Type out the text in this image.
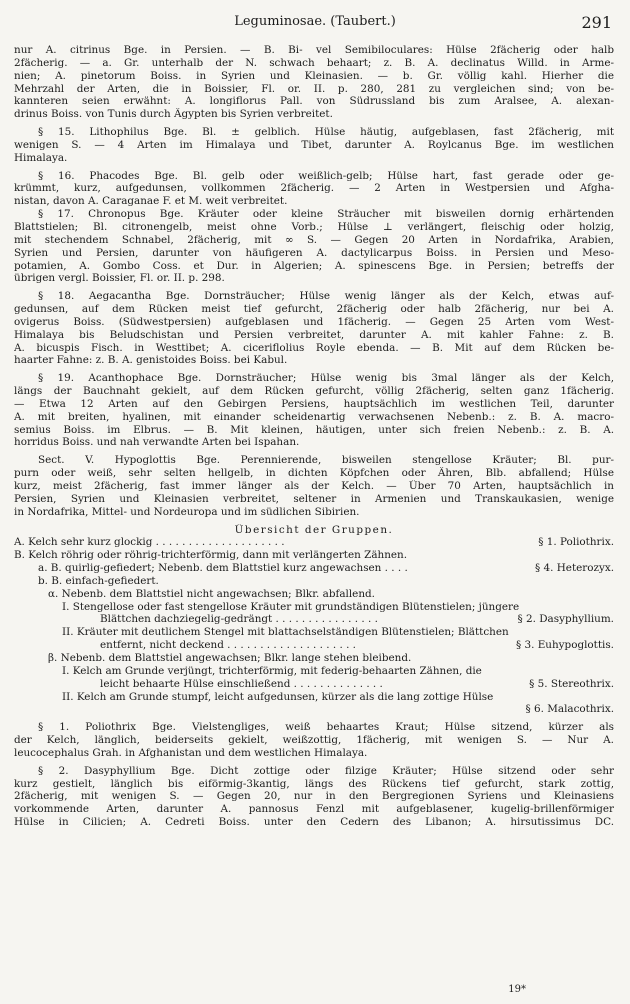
Leguminosae. (Taubert.)	291
nur A. citrinus Bge. in Persien. — B. Bi- vel Semibiloculares: Hülse 2fächerig oder halb
2fächerig. — a. Gr. unterhalb der N. schwach behaart; z. B. A. declinatus Willd. in Arme-
nien; A. pinetorum Boiss. in Syrien und Kleinasien. — b. Gr. völlig kahl. Hierher die
Mehrzahl der Arten, die in Boissier, Fl. or. II. p. 280, 281 zu vergleichen sind; von be-
kannteren seien erwähnt: A. longiflorus Pall. von Südrussland bis zum Aralsee, A. alexan-
drinus Boiss. von Tunis durch Ägypten bis Syrien verbreitet.
§ 15. Lithophilus Bge. Bl. ± gelblich. Hülse häutig, aufgeblasen, fast 2fächerig, mit
wenigen S. — 4 Arten im Himalaya und Tibet, darunter A. Roylcanus Bge. im westlichen
Himalaya.
§ 16. Phacodes Bge. Bl. gelb oder weißlich-gelb; Hülse hart, fast gerade oder ge-
krümmt, kurz, aufgedunsen, vollkommen 2fächerig. — 2 Arten in Westpersien und Afgha-
nistan, davon A. Caraganae F. et M. weit verbreitet.
§ 17. Chronopus Bge. Kräuter oder kleine Sträucher mit bisweilen dornig erhärtenden
Blattstielen; Bl. citronengelb, meist ohne Vorb.; Hülse ⊥ verlängert, fleischig oder holzig,
mit stechendem Schnabel, 2fächerig, mit ∞ S. — Gegen 20 Arten in Nordafrika, Arabien,
Syrien und Persien, darunter von häufigeren A. dactylicarpus Boiss. in Persien und Meso-
potamien, A. Gombo Coss. et Dur. in Algerien; A. spinescens Bge. in Persien; betreffs der
übrigen vergl. Boissier, Fl. or. II. p. 298.
§ 18. Aegacantha Bge. Dornsträucher; Hülse wenig länger als der Kelch, etwas auf-
gedunsen, auf dem Rücken meist tief gefurcht, 2fächerig oder halb 2fächerig, nur bei A.
ovigerus Boiss. (Südwestpersien) aufgeblasen und 1fächerig. — Gegen 25 Arten vom West-
Himalaya bis Beludschistan und Persien verbreitet, darunter A. mit kahler Fahne: z. B.
A. bicuspis Fisch. in Westtibet; A. ciceriflolius Royle ebenda. — B. Mit auf dem Rücken be-
haarter Fahne: z. B. A. genistoides Boiss. bei Kabul.
§ 19. Acanthophace Bge. Dornsträucher; Hülse wenig bis 3mal länger als der Kelch,
längs der Bauchnaht gekielt, auf dem Rücken gefurcht, völlig 2fächerig, selten ganz 1fächerig.
— Etwa 12 Arten auf den Gebirgen Persiens, hauptsächlich im westlichen Teil, darunter
A. mit breiten, hyalinen, mit einander scheidenartig verwachsenen Nebenb.: z. B. A. macro-
semius Boiss. im Elbrus. — B. Mit kleinen, häutigen, unter sich freien Nebenb.: z. B. A.
horridus Boiss. und nah verwandte Arten bei Ispahan.
Sect. V. Hypoglottis Bge. Perennierende, bisweilen stengellose Kräuter; Bl. pur-
purn oder weiß, sehr selten hellgelb, in dichten Köpfchen oder Ähren, Blb. abfallend; Hülse
kurz, meist 2fächerig, fast immer länger als der Kelch. — Über 70 Arten, hauptsächlich in
Persien, Syrien und Kleinasien verbreitet, seltener in Armenien und Transkaukasien, wenige
in Nordafrika, Mittel- und Nordeuropa und im südlichen Sibirien.
Übersicht der Gruppen.
§ 1. Poliothrix.
A. Kelch sehr kurz glockig . . . . . . . . . . . . . . . . . . . .
B. Kelch röhrig oder röhrig-trichterförmig, dann mit verlängerten Zähnen.
§ 4. Heterozyx.
a. B. quirlig-gefiedert; Nebenb. dem Blattstiel kurz angewachsen . . . .
b. B. einfach-gefiedert.
α. Nebenb. dem Blattstiel nicht angewachsen; Blkr. abfallend.
I. Stengellose oder fast stengellose Kräuter mit grundständigen Blütenstielen; jüngere
§ 2. Dasyphyllium.
Blättchen dachziegelig-gedrängt . . . . . . . . . . . . . . . .
II. Kräuter mit deutlichem Stengel mit blattachselständigen Blütenstielen; Blättchen
§ 3. Euhypoglottis.
entfernt, nicht deckend . . . . . . . . . . . . . . . . . . . .
β. Nebenb. dem Blattstiel angewachsen; Blkr. lange stehen bleibend.
I. Kelch am Grunde verjüngt, trichterförmig, mit federig-behaarten Zähnen, die
§ 5. Stereothrix.
leicht behaarte Hülse einschließend . . . . . . . . . . . . . .
II. Kelch am Grunde stumpf, leicht aufgedunsen, kürzer als die lang zottige Hülse
§ 6. Malacothrix.
§ 1. Poliothrix Bge. Vielstengliges, weiß behaartes Kraut; Hülse sitzend, kürzer als
der Kelch, länglich, beiderseits gekielt, weißzottig, 1fächerig, mit wenigen S. — Nur A.
leucocephalus Grah. in Afghanistan und dem westlichen Himalaya.
§ 2. Dasyphyllium Bge. Dicht zottige oder filzige Kräuter; Hülse sitzend oder sehr
kurz gestielt, länglich bis eiförmig-3kantig, längs des Rückens tief gefurcht, stark zottig,
2fächerig, mit wenigen S. — Gegen 20, nur in den Bergregionen Syriens und Kleinasiens
vorkommende Arten, darunter A. pannosus Fenzl mit aufgeblasener, kugelig-brillenförmiger
Hülse in Cilicien; A. Cedreti Boiss. unter den Cedern des Libanon; A. hirsutissimus DC.
19*
